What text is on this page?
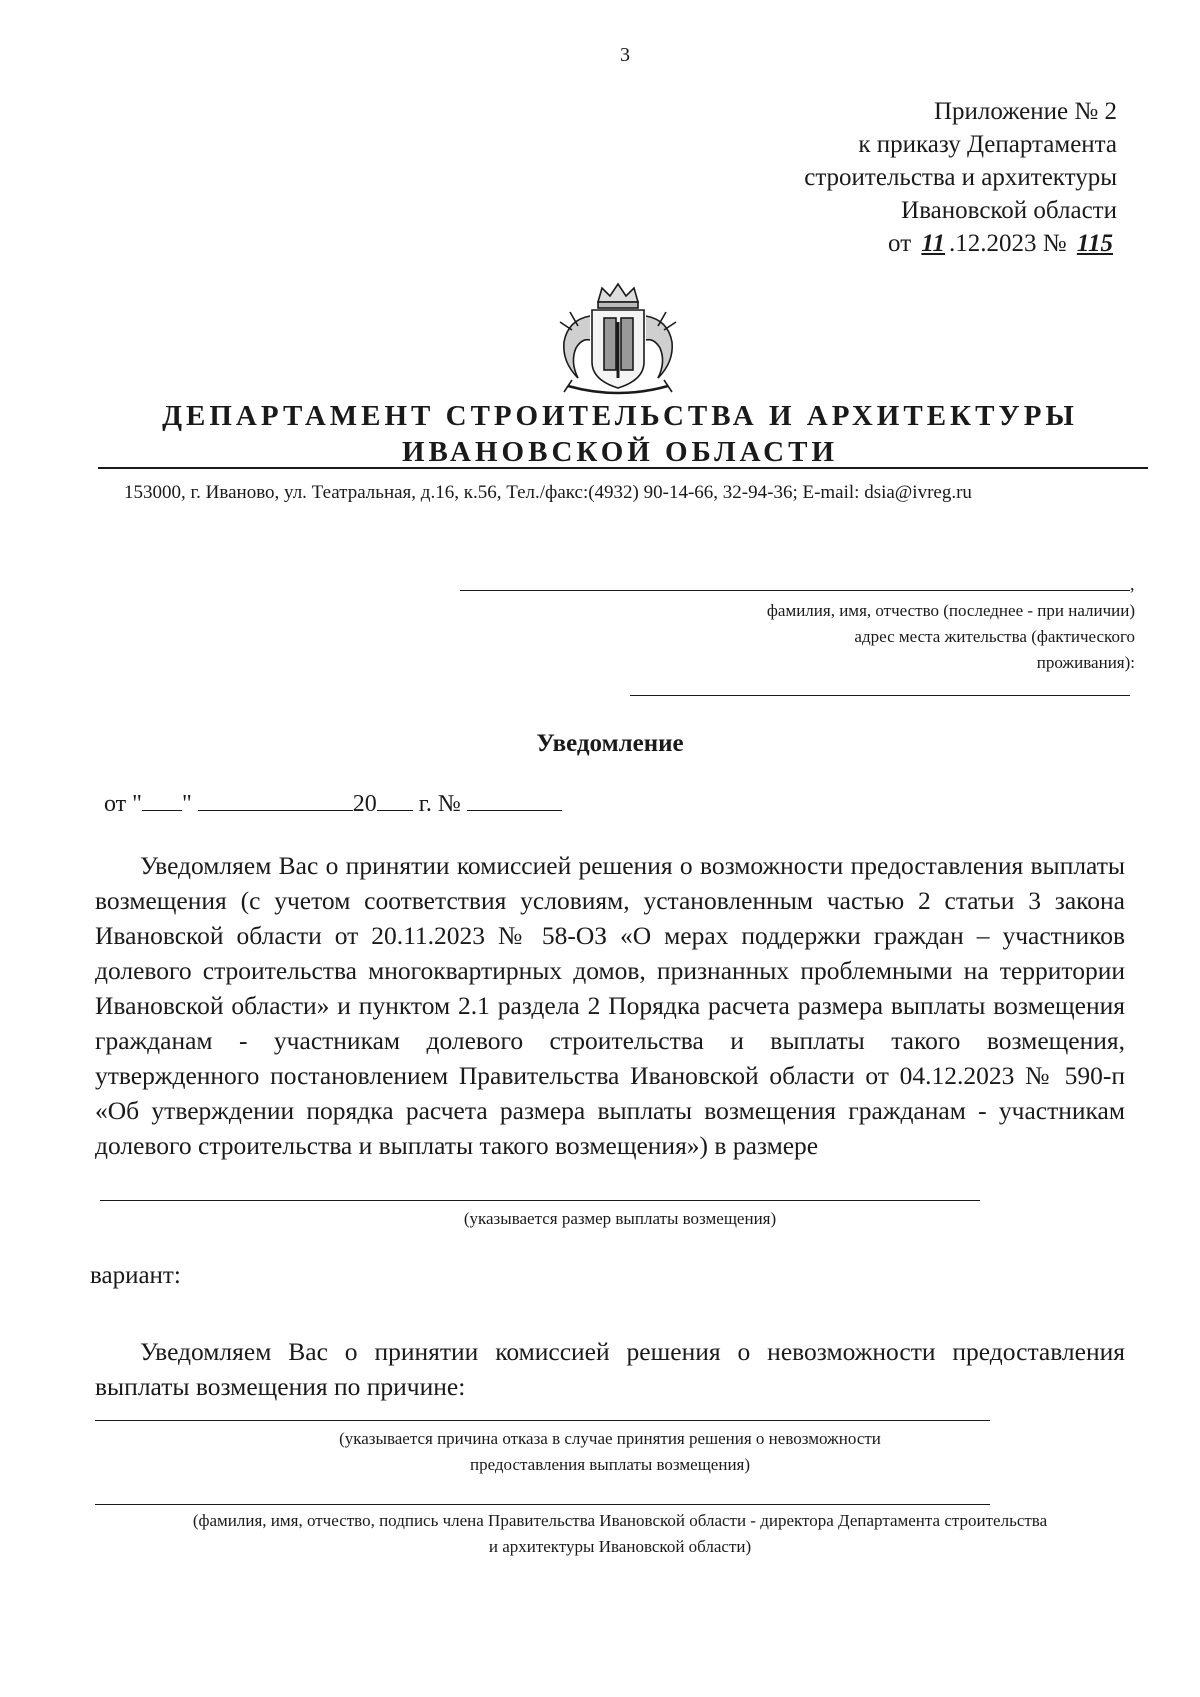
3
Приложение № 2
к приказу Департамента
строительства и архитектуры
Ивановской области
от 11 .12.2023 № 115
ДЕПАРТАМЕНТ СТРОИТЕЛЬСТВА И АРХИТЕКТУРЫ
ИВАНОВСКОЙ ОБЛАСТИ
153000, г. Иваново, ул. Театральная, д.16, к.56, Тел./факс:(4932) 90-14-66, 32-94-36; E-mail: dsia@ivreg.ru
,
фамилия, имя, отчество (последнее - при наличии)
адрес места жительства (фактического
проживания):
Уведомление
от " "	20 г. №

Уведомляем Вас о принятии комиссией решения о возможности предоставления выплаты возмещения (с учетом соответствия условиям, установленным частью 2 статьи 3 закона Ивановской области от 20.11.2023 № 58-ОЗ «О мерах поддержки граждан – участников долевого строительства многоквартирных домов, признанных проблемными на территории Ивановской области» и пунктом 2.1 раздела 2 Порядка расчета размера выплаты возмещения гражданам - участникам долевого строительства и выплаты такого возмещения, утвержденного постановлением Правительства Ивановской области от 04.12.2023 № 590-п «Об утверждении порядка расчета размера выплаты возмещения гражданам - участникам долевого строительства и выплаты такого возмещения») в размере

(указывается размер выплаты возмещения)
вариант:

Уведомляем Вас о принятии комиссией решения о невозможности предоставления выплаты возмещения по причине:

(указывается причина отказа в случае принятия решения о невозможности
предоставления выплаты возмещения)
(фамилия, имя, отчество, подпись члена Правительства Ивановской области - директора Департамента строительства
и архитектуры Ивановской области)
